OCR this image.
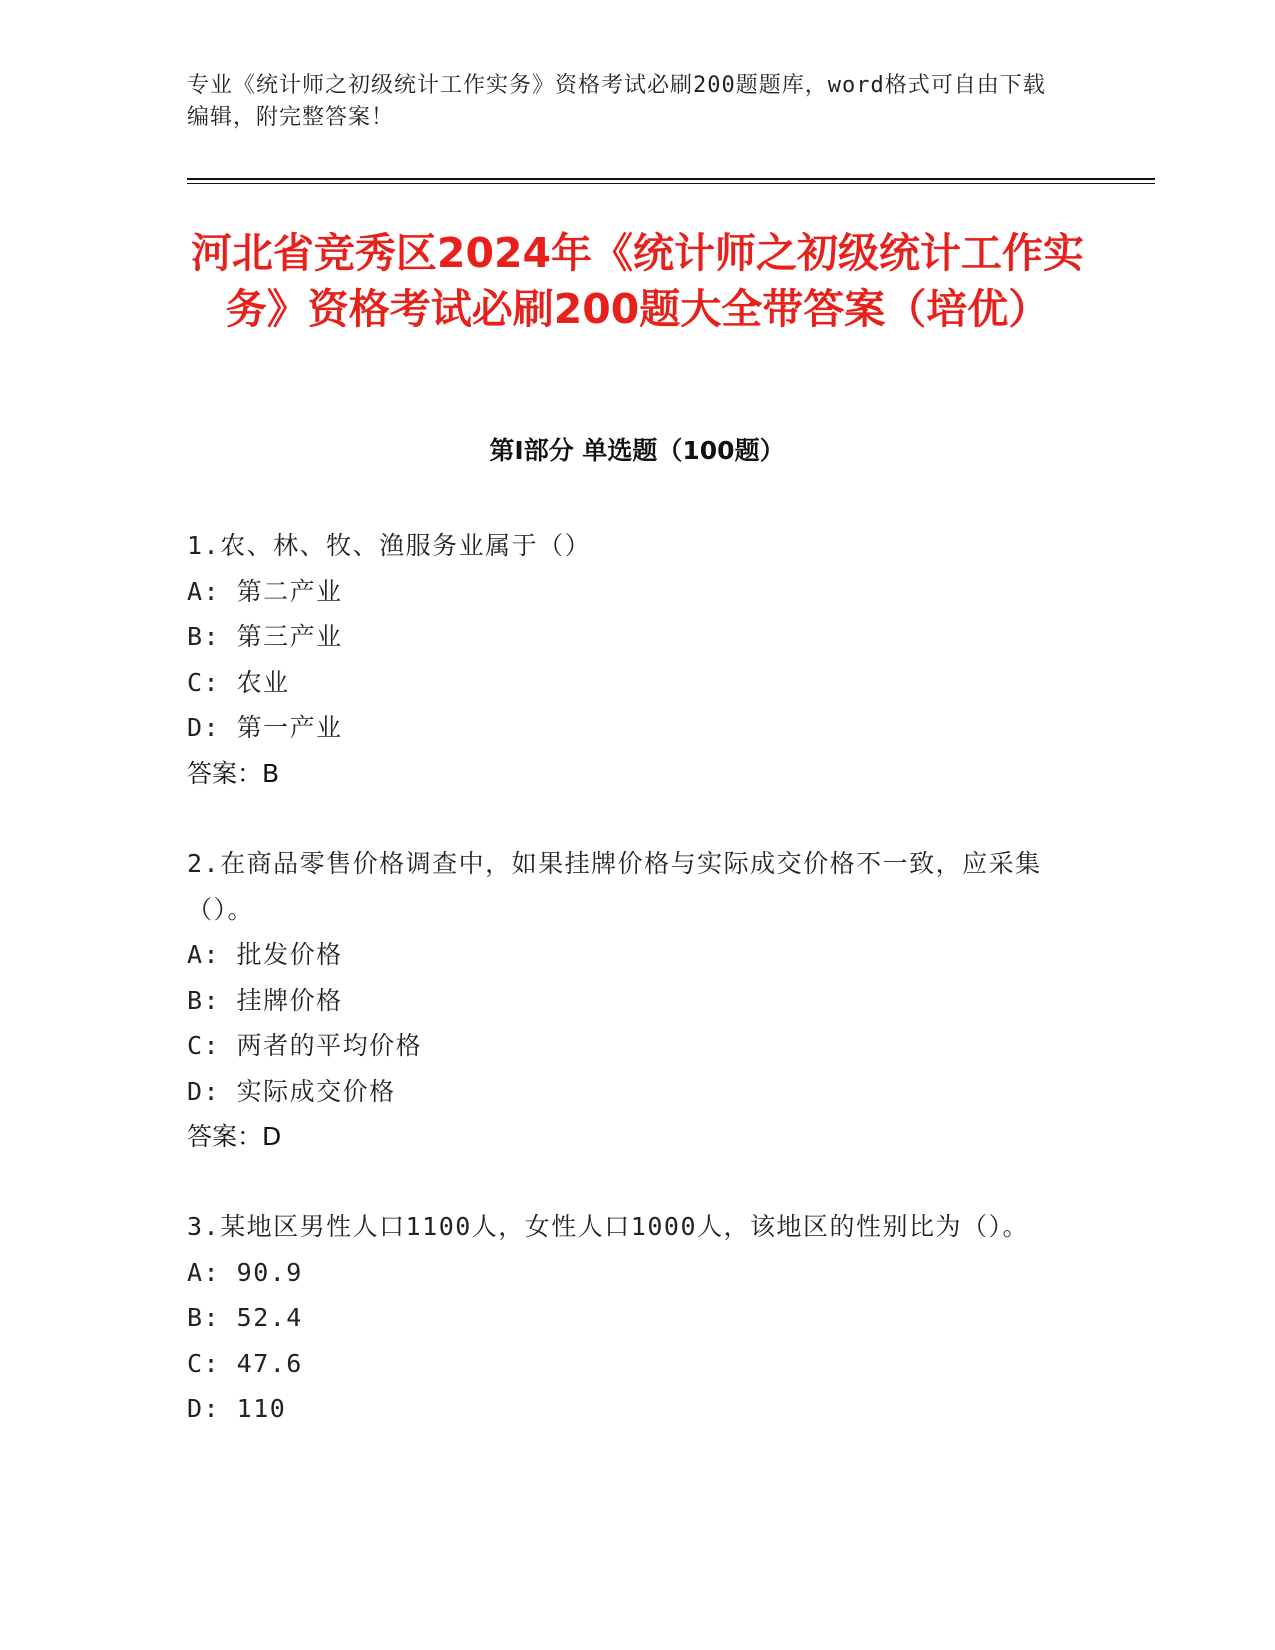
专业《统计师之初级统计工作实务》资格考试必刷200题题库，word格式可自由下载编辑，附完整答案！
河北省竞秀区2024年《统计师之初级统计工作实务》资格考试必刷200题大全带答案（培优）
第Ⅰ部分 单选题（100题）

1.农、林、牧、渔服务业属于（）

A: 第二产业

B: 第三产业

C: 农业

D: 第一产业

答案：B

2.在商品零售价格调查中，如果挂牌价格与实际成交价格不一致，应采集（）。

A: 批发价格

B: 挂牌价格

C: 两者的平均价格

D: 实际成交价格

答案：D

3.某地区男性人口1100人，女性人口1000人，该地区的性别比为（）。

A: 90.9

B: 52.4

C: 47.6

D: 110
